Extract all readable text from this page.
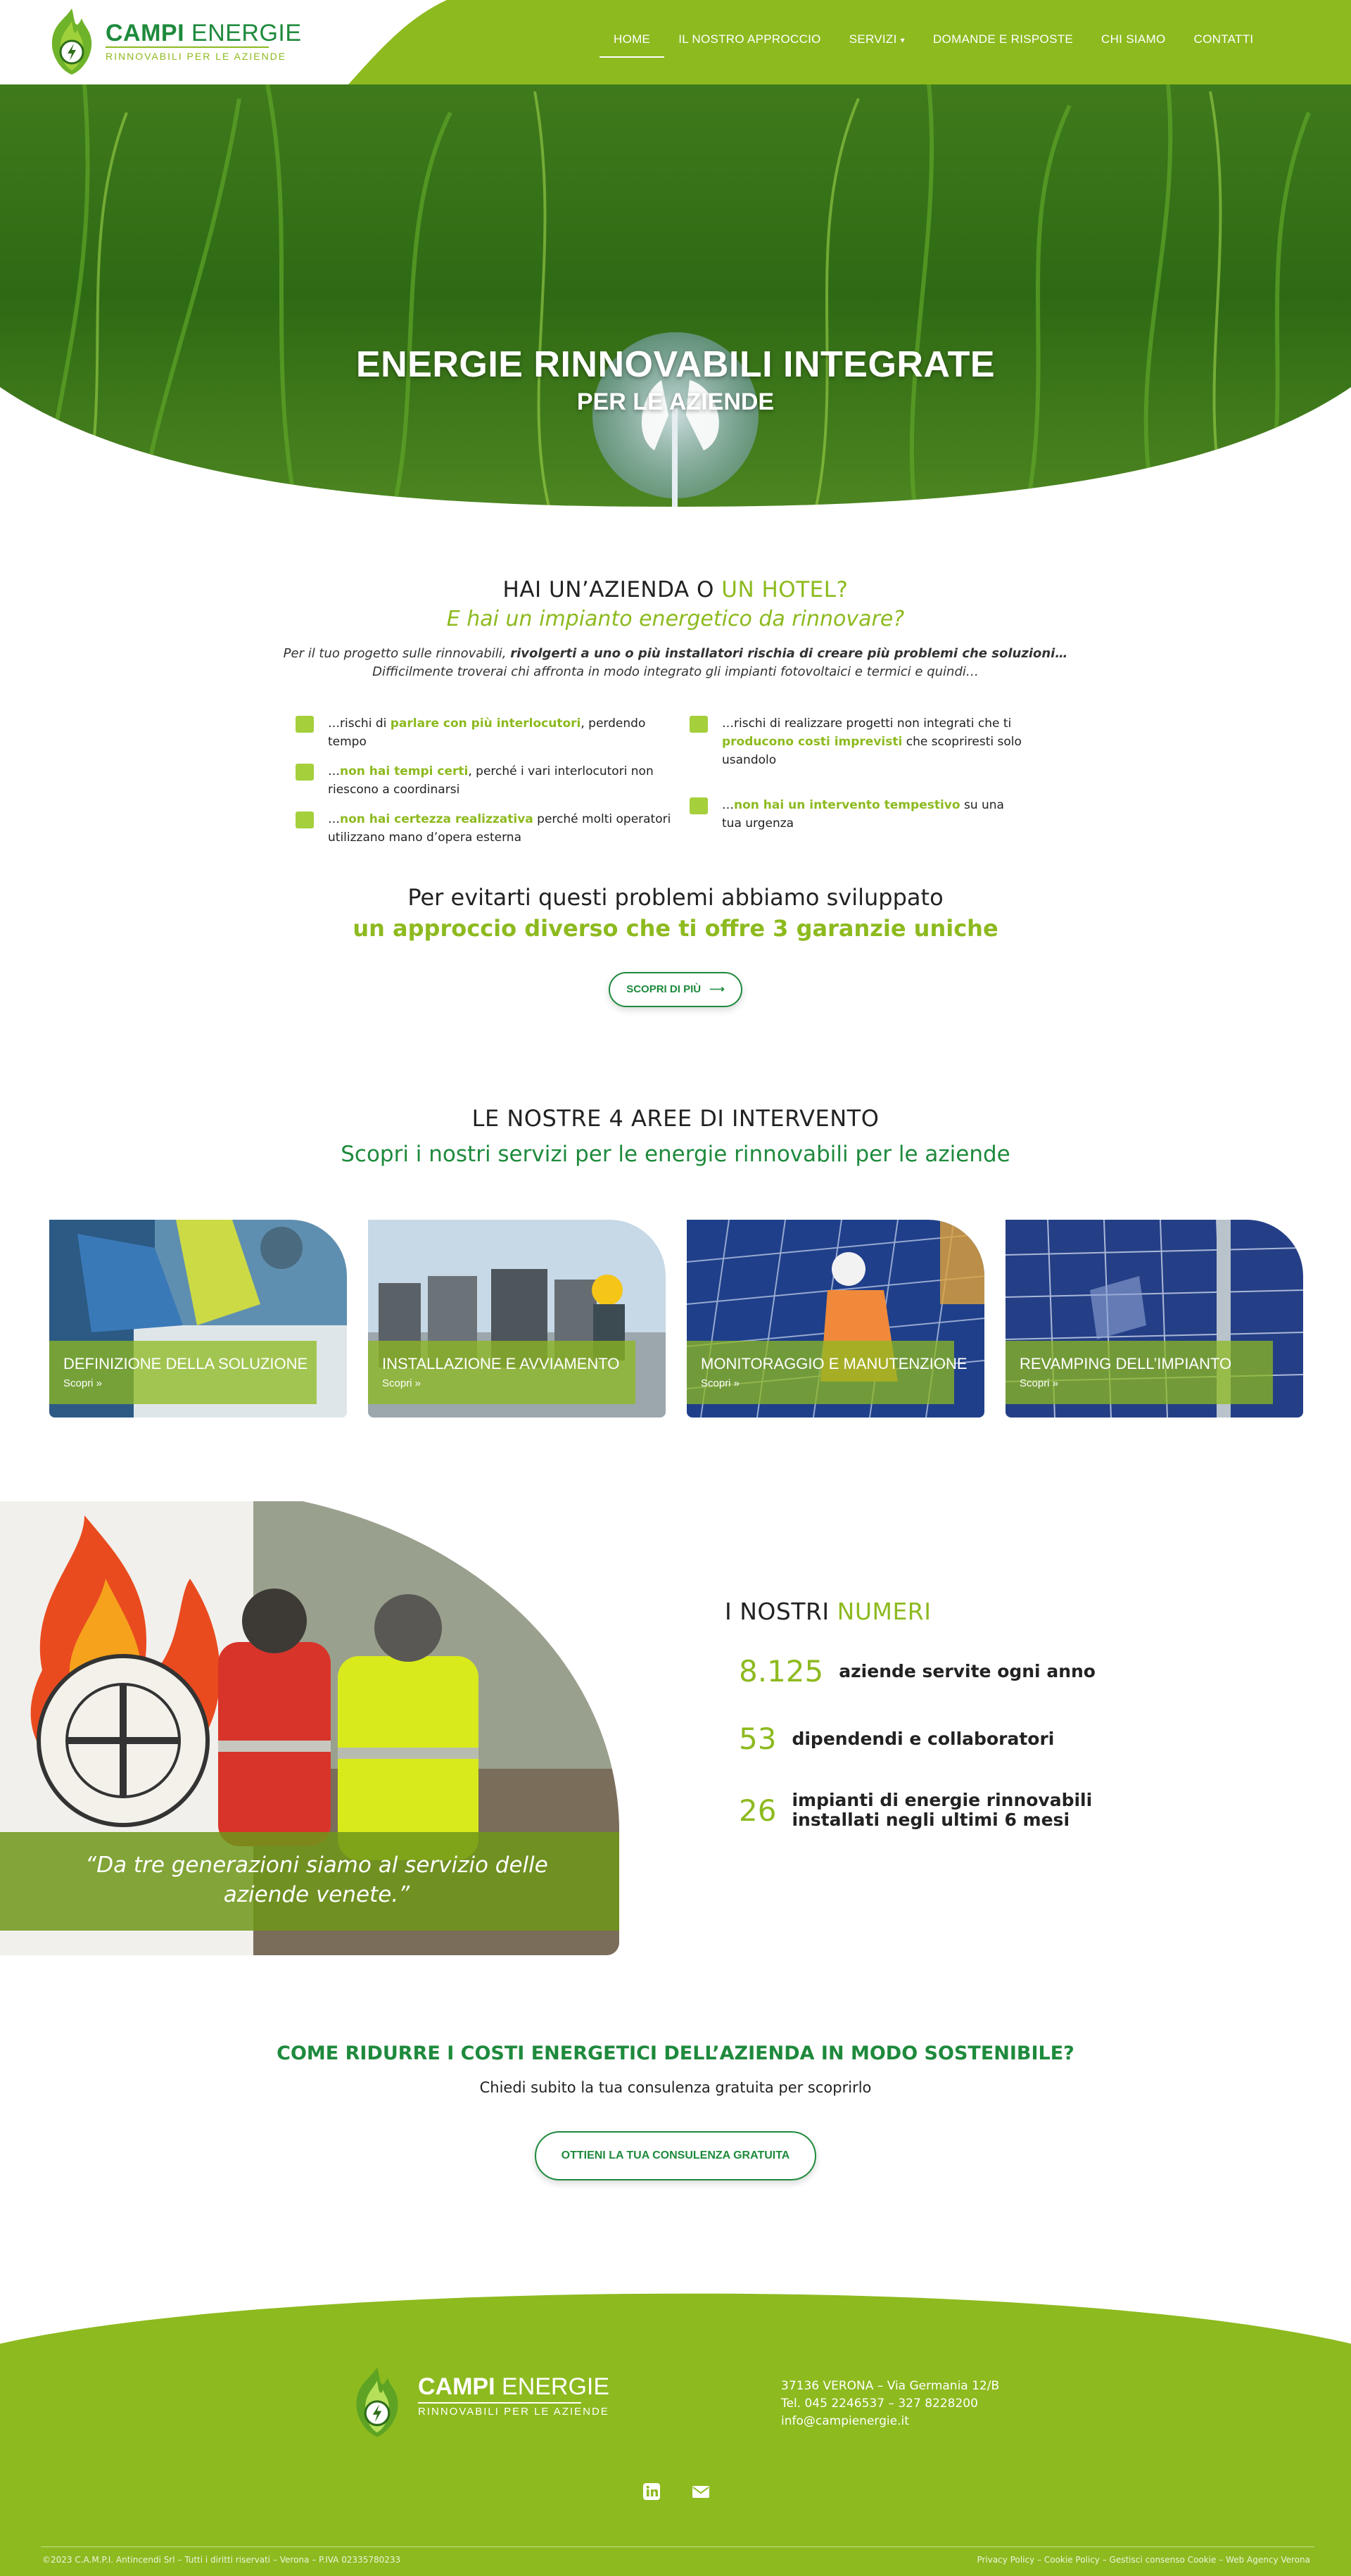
CAMPI ENERGIE
RINNOVABILI PER LE AZIENDE
HOME	IL NOSTRO APPROCCIO	SERVIZI ▾	DOMANDE E RISPOSTE	CHI SIAMO	CONTATTI
ENERGIE RINNOVABILI INTEGRATE
PER LE AZIENDE
HAI UN’AZIENDA O UN HOTEL?
E hai un impianto energetico da rinnovare?
Per il tuo progetto sulle rinnovabili, rivolgerti a uno o più installatori rischia di creare più problemi che soluzioni…
Difficilmente troverai chi affronta in modo integrato gli impianti fotovoltaici e termici e quindi…
…rischi di parlare con più interlocutori, perdendo tempo
…non hai tempi certi, perché i vari interlocutori non riescono a coordinarsi
…non hai certezza realizzativa perché molti operatori utilizzano mano d’opera esterna
…rischi di realizzare progetti non integrati che ti producono costi imprevisti che scopriresti solo usandolo
…non hai un intervento tempestivo su una tua urgenza
Per evitarti questi problemi abbiamo sviluppato
un approccio diverso che ti offre 3 garanzie uniche
SCOPRI DI PIÙ ⟶
LE NOSTRE 4 AREE DI INTERVENTO
Scopri i nostri servizi per le energie rinnovabili per le aziende
DEFINIZIONE DELLA SOLUZIONE
Scopri »
INSTALLAZIONE E AVVIAMENTO
Scopri »
MONITORAGGIO E MANUTENZIONE
Scopri »
REVAMPING DELL’IMPIANTO
Scopri »
“Da tre generazioni siamo al servizio delle
aziende venete.”
I NOSTRI NUMERI
8.125 aziende servite ogni anno
53 dipendendi e collaboratori
26 impianti di energie rinnovabili
installati negli ultimi 6 mesi
COME RIDURRE I COSTI ENERGETICI DELL’AZIENDA IN MODO SOSTENIBILE?
Chiedi subito la tua consulenza gratuita per scoprirlo
OTTIENI LA TUA CONSULENZA GRATUITA
CAMPI ENERGIE
RINNOVABILI PER LE AZIENDE
37136 VERONA – Via Germania 12/B
Tel. 045 2246537 – 327 8228200
info@campienergie.it
©2023 C.A.M.P.I. Antincendi Srl – Tutti i diritti riservati – Verona – P.IVA 02335780233	Privacy Policy – Cookie Policy – Gestisci consenso Cookie – Web Agency Verona
